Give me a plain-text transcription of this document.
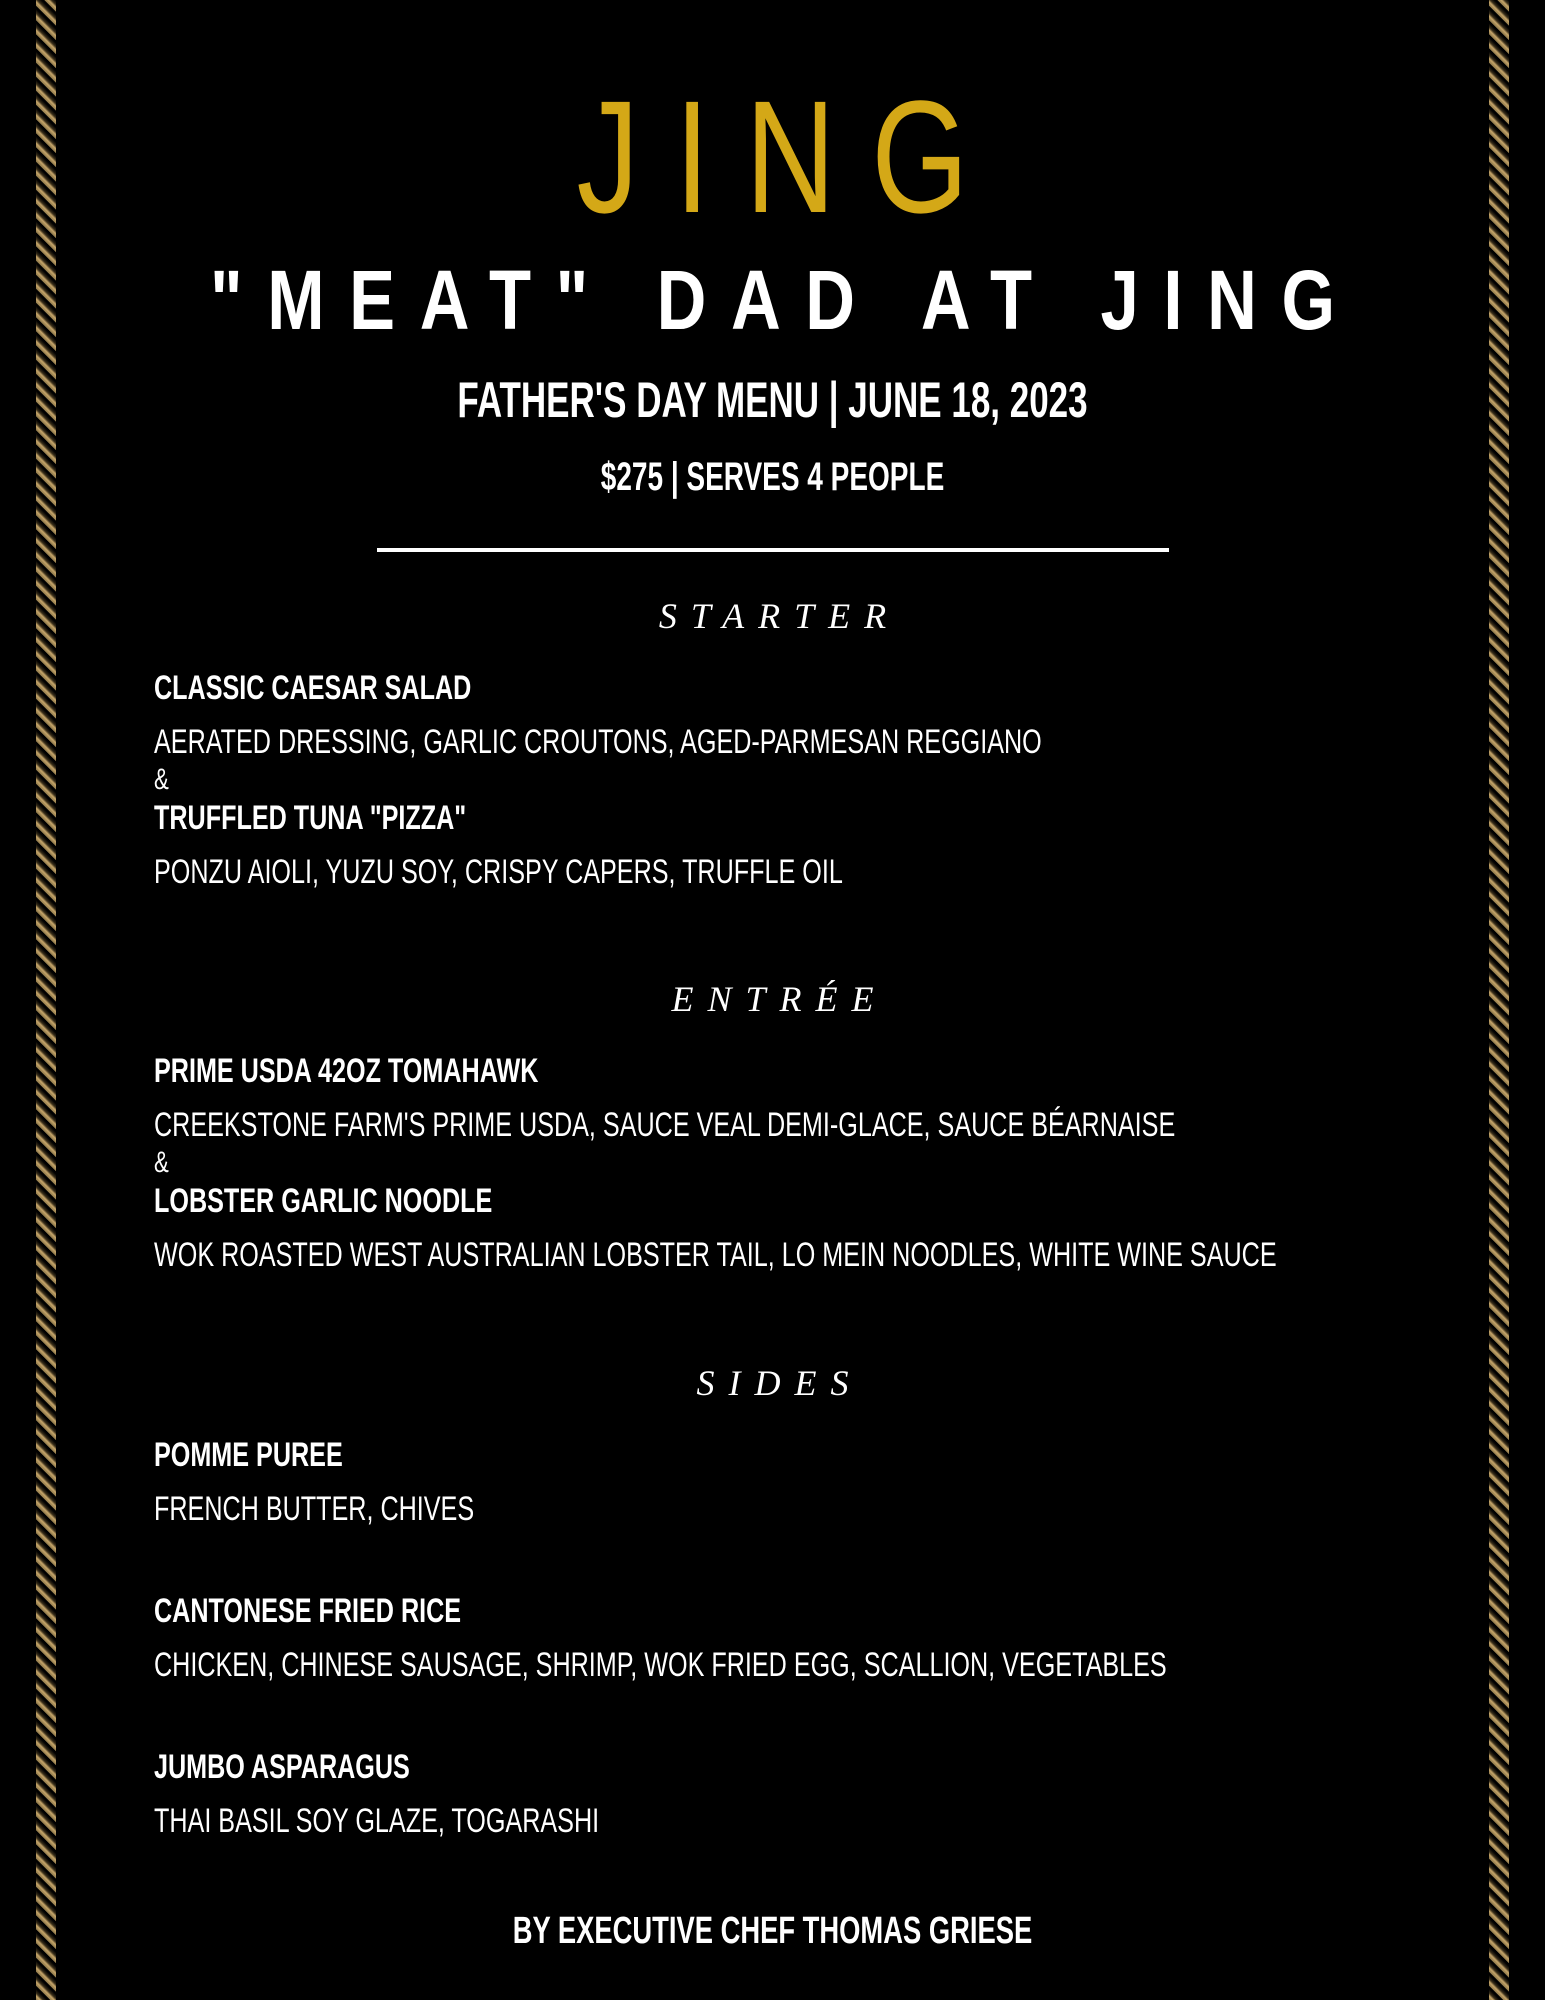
JING
"MEAT" DAD AT JING
FATHER'S DAY MENU | JUNE 18, 2023
$275 | SERVES 4 PEOPLE
STARTER
CLASSIC CAESAR SALAD
AERATED DRESSING, GARLIC CROUTONS, AGED-PARMESAN REGGIANO
&
TRUFFLED TUNA "PIZZA"
PONZU AIOLI, YUZU SOY, CRISPY CAPERS, TRUFFLE OIL
ENTRÉE
PRIME USDA 42OZ TOMAHAWK
CREEKSTONE FARM'S PRIME USDA, SAUCE VEAL DEMI-GLACE, SAUCE BÉARNAISE
&
LOBSTER GARLIC NOODLE
WOK ROASTED WEST AUSTRALIAN LOBSTER TAIL, LO MEIN NOODLES, WHITE WINE SAUCE
SIDES
POMME PUREE
FRENCH BUTTER, CHIVES
CANTONESE FRIED RICE
CHICKEN, CHINESE SAUSAGE, SHRIMP, WOK FRIED EGG, SCALLION, VEGETABLES
JUMBO ASPARAGUS
THAI BASIL SOY GLAZE, TOGARASHI
BY EXECUTIVE CHEF THOMAS GRIESE
